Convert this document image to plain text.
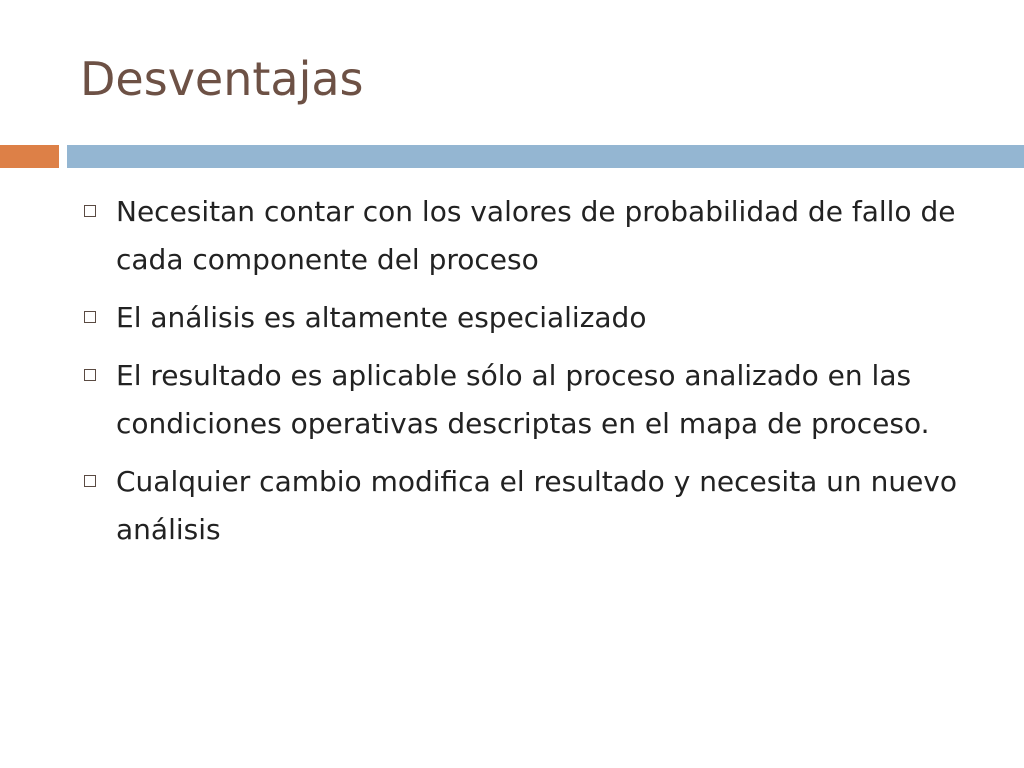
Desventajas
Necesitan contar con los valores de probabilidad de fallo de cada componente del proceso
El análisis es altamente especializado
El resultado es aplicable sólo al proceso analizado en las condiciones operativas descriptas en el mapa de proceso.
Cualquier cambio modifica el resultado y necesita un nuevo análisis
